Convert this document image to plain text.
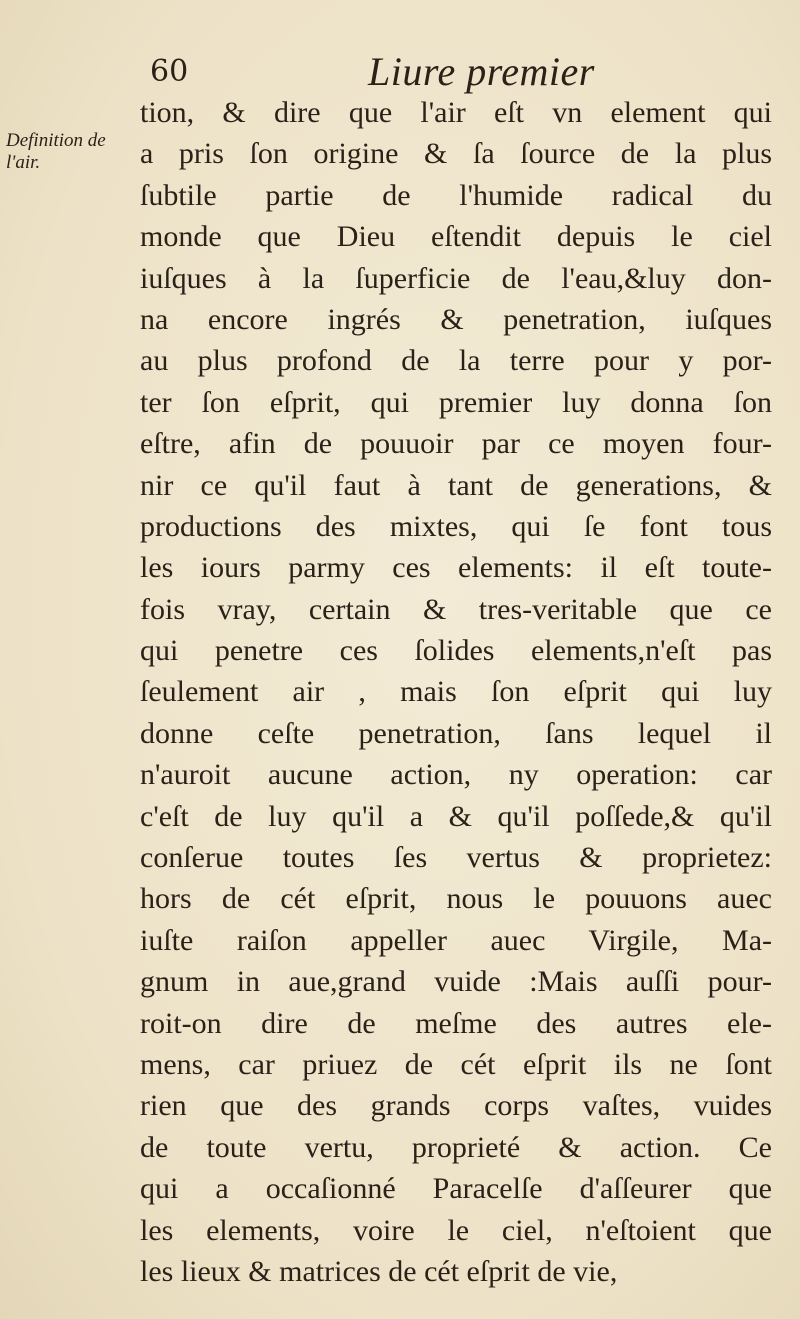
60	Liure premier
Definition de l'air.
tion, & dire que l'air eſt vn element qui
a pris ſon origine & ſa ſource de la plus
ſubtile partie de l'humide radical du
monde que Dieu eſtendit depuis le ciel
iuſques à la ſuperficie de l'eau,&luy don-
na encore ingrés & penetration, iuſques
au plus profond de la terre pour y por-
ter ſon eſprit, qui premier luy donna ſon
eſtre, afin de pouuoir par ce moyen four-
nir ce qu'il faut à tant de generations, &
productions des mixtes, qui ſe font tous
les iours parmy ces elements: il eſt toute-
fois vray, certain & tres-veritable que ce
qui penetre ces ſolides elements,n'eſt pas
ſeulement air , mais ſon eſprit qui luy
donne ceſte penetration, ſans lequel il
n'auroit aucune action, ny operation: car
c'eſt de luy qu'il a & qu'il poſſede,& qu'il
conſerue toutes ſes vertus & proprietez:
hors de cét eſprit, nous le pouuons auec
iuſte raiſon appeller auec Virgile, Ma-
gnum in aue,grand vuide :Mais auſſi pour-
roit-on dire de meſme des autres ele-
mens, car priuez de cét eſprit ils ne ſont
rien que des grands corps vaſtes, vuides
de toute vertu, proprieté & action. Ce
qui a occaſionné Paracelſe d'aſſeurer que
les elements, voire le ciel, n'eſtoient que
les lieux & matrices de cét eſprit de vie,
